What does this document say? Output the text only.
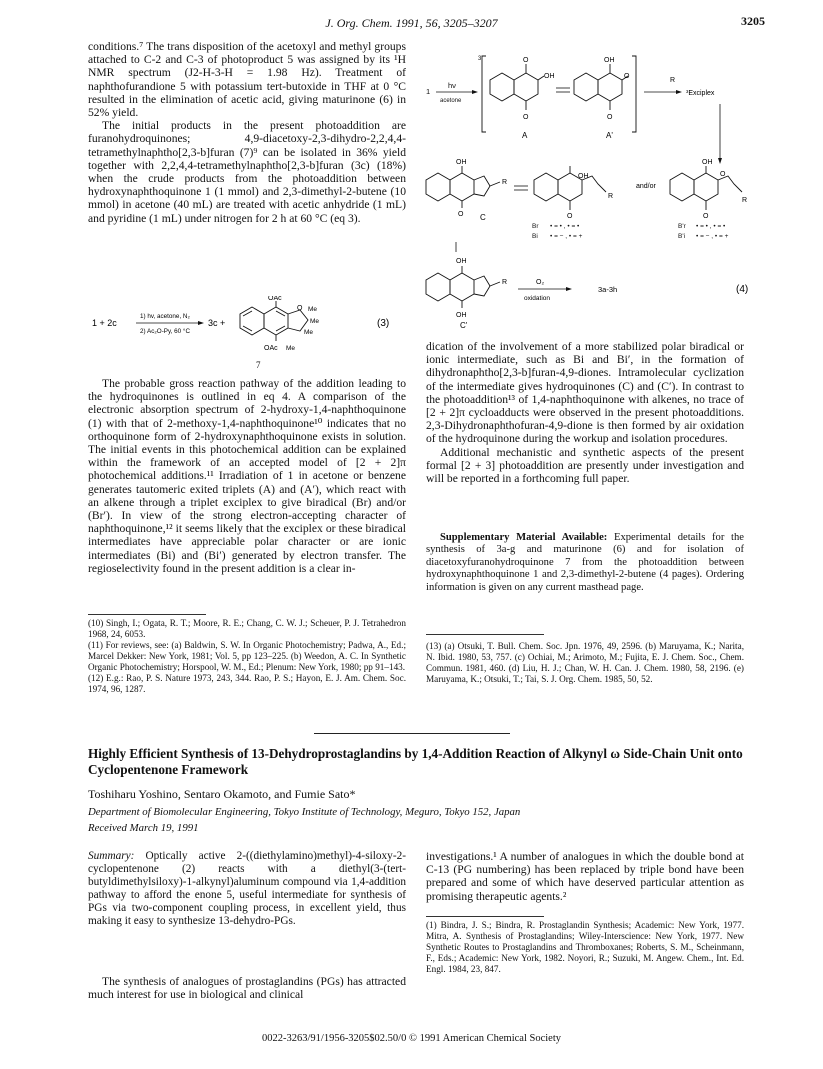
J. Org. Chem. 1991, 56, 3205–3207	3205

conditions.⁷ The trans disposition of the acetoxyl and methyl groups attached to C-2 and C-3 of photoproduct 5 was assigned by its ¹H NMR spectrum (J2-H-3-H = 1.98 Hz). Treatment of naphthofurandione 5 with potassium tert-butoxide in THF at 0 °C resulted in the elimination of acetic acid, giving maturinone (6) in 52% yield.

The initial products in the present photoaddition are furanohydroquinones; 4,9-diacetoxy-2,3-dihydro-2,2,4,4-tetramethylnaphtho[2,3-b]furan (7)⁹ can be isolated in 36% yield together with 2,2,4,4-tetramethylnaphtho[2,3-b]furan (3c) (18%) when the crude products from the photoaddition between hydroxynaphthoquinone 1 (1 mmol) and 2,3-dimethyl-2-butene (10 mmol) in acetone (40 mL) are treated with acetic anhydride (1 mL) and pyridine (1 mL) under nitrogen for 2 h at 60 °C (eq 3).

1 + 2c
1) hv, acetone, N₂
2) Ac₂O-Py, 60 °C
3c +
OAc
OAc
O Me
Me
Me
Me
(3)
7

The probable gross reaction pathway of the addition leading to the hydroquinones is outlined in eq 4. A comparison of the electronic absorption spectrum of 2-hydroxy-1,4-naphthoquinone (1) with that of 2-methoxy-1,4-naphthoquinone¹⁰ indicates that no orthoquinone form of 2-hydroxynaphthoquinone exists in solution. The initial events in this photochemical addition can be explained within the framework of an accepted model of [2 + 2]π photochemical additions.¹¹ Irradiation of 1 in acetone or benzene generates tautomeric exited triplets (A) and (A′), which react with an alkene through a triplet exciplex to give biradical (Br) and/or (Br′). In view of the strong electron-accepting character of naphthoquinone,¹² it seems likely that the exciplex or these biradical intermediates have appreciable polar character or are ionic intermediates (Bi) and (Bi′) generated by electron transfer. The regioselectivity found in the present addition is a clear in-

(10) Singh, I.; Ogata, R. T.; Moore, R. E.; Chang, C. W. J.; Scheuer, P. J. Tetrahedron 1968, 24, 6053.

(11) For reviews, see: (a) Baldwin, S. W. In Organic Photochemistry; Padwa, A., Ed.; Marcel Dekker: New York, 1981; Vol. 5, pp 123–225. (b) Weedon, A. C. In Synthetic Organic Photochemistry; Horspool, W. M., Ed.; Plenum: New York, 1980; pp 91–143.

(12) E.g.: Rao, P. S. Nature 1973, 243, 344. Rao, P. S.; Hayon, E. J. Am. Chem. Soc. 1974, 96, 1287.

1
hν
acetone
3	O
O
OH
A
OH
O
O
A'
R
³Exciplex
OH
O
R
C
OH
O
R
and/or
OH
O
O
R
Br • = • , • = •
Bi • = − , • = +
B'r • = • , • = •
B'i • = − , • = +
OH
OH
R
C'
O₂
oxidation
3a-3h	(4)

dication of the involvement of a more stabilized polar biradical or ionic intermediate, such as Bi and Bi′, in the formation of dihydronaphtho[2,3-b]furan-4,9-diones. Intramolecular cyclization of the intermediate gives hydroquinones (C) and (C′). In contrast to the photoaddition¹³ of 1,4-naphthoquinone with alkenes, no trace of [2 + 2]π cycloadducts were observed in the present photoadditions. 2,3-Dihydronaphthofuran-4,9-dione is then formed by air oxidation of the hydroquinone during the workup and isolation procedures.

Additional mechanistic and synthetic aspects of the present formal [2 + 3] photoaddition are presently under investigation and will be reported in a forthcoming full paper.

Supplementary Material Available: Experimental details for the synthesis of 3a-g and maturinone (6) and for isolation of diacetoxyfuranohydroquinone 7 from the photoaddition between hydroxynaphthoquinone 1 and 2,3-dimethyl-2-butene (4 pages). Ordering information is given on any current masthead page.
(13) (a) Otsuki, T. Bull. Chem. Soc. Jpn. 1976, 49, 2596. (b) Maruyama, K.; Narita, N. Ibid. 1980, 53, 757. (c) Ochiai, M.; Arimoto, M.; Fujita, E. J. Chem. Soc., Chem. Commun. 1981, 460. (d) Liu, H. J.; Chan, W. H. Can. J. Chem. 1980, 58, 2196. (e) Maruyama, K.; Otsuki, T.; Tai, S. J. Org. Chem. 1985, 50, 52.
Highly Efficient Synthesis of 13-Dehydroprostaglandins by 1,4-Addition Reaction of Alkynyl ω Side-Chain Unit onto Cyclopentenone Framework
Toshiharu Yoshino, Sentaro Okamoto, and Fumie Sato*
Department of Biomolecular Engineering, Tokyo Institute of Technology, Meguro, Tokyo 152, Japan
Received March 19, 1991
Summary: Optically active 2-((diethylamino)methyl)-4-siloxy-2-cyclopentenone (2) reacts with a diethyl(3-(tert-butyldimethylsiloxy)-1-alkynyl)aluminum compound via 1,4-addition pathway to afford the enone 5, useful intermediate for synthesis of PGs via two-component coupling process, in excellent yield, thus making it easy to synthesize 13-dehydro-PGs.
The synthesis of analogues of prostaglandins (PGs) has attracted much interest for use in biological and clinical
investigations.¹ A number of analogues in which the double bond at C-13 (PG numbering) has been replaced by triple bond have been prepared and some of which have deserved particular attention as promising therapeutic agents.²
(1) Bindra, J. S.; Bindra, R. Prostaglandin Synthesis; Academic: New York, 1977. Mitra, A. Synthesis of Prostaglandins; Wiley-Interscience: New York, 1977. New Synthetic Routes to Prostaglandins and Thromboxanes; Roberts, S. M., Scheinmann, F., Eds.; Academic: New York, 1982. Noyori, R.; Suzuki, M. Angew. Chem., Int. Ed. Engl. 1984, 23, 847.
0022-3263/91/1956-3205$02.50/0 © 1991 American Chemical Society
